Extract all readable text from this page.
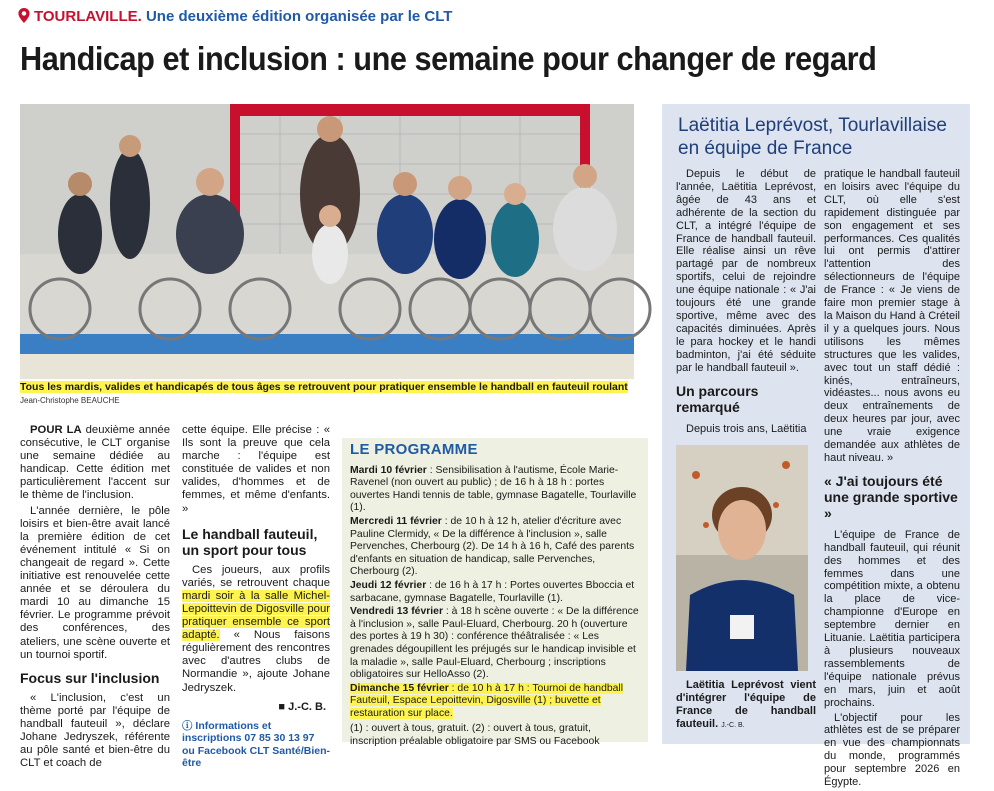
TOURLAVILLE. Une deuxième édition organisée par le CLT
Handicap et inclusion : une semaine pour changer de regard
Tous les mardis, valides et handicapés de tous âges se retrouvent pour pratiquer ensemble le handball en fauteuil roulant Jean-Christophe BEAUCHE

POUR LA deuxième année consécutive, le CLT organise une semaine dédiée au handicap. Cette édition met particulièrement l'accent sur le thème de l'inclusion.

L'année dernière, le pôle loisirs et bien-être avait lancé la première édition de cet événement intitulé « Si on changeait de regard ». Cette initiative est renouvelée cette année et se déroulera du mardi 10 au dimanche 15 février. Le programme prévoit des conférences, des ateliers, une scène ouverte et un tournoi sportif.

Focus sur l'inclusion

« L'inclusion, c'est un thème porté par l'équipe de handball fauteuil », déclare Johane Jedryszek, référente au pôle santé et bien-être du CLT et coach de

cette équipe. Elle précise : « Ils sont la preuve que cela marche : l'équipe est constituée de valides et non valides, d'hommes et de femmes, et même d'enfants. »

Le handball fauteuil, un sport pour tous

Ces joueurs, aux profils variés, se retrouvent chaque mardi soir à la salle Michel-Lepoittevin de Digosville pour pratiquer ensemble ce sport adapté. « Nous faisons régulièrement des rencontres avec d'autres clubs de Normandie », ajoute Johane Jedryszek.

■ J.-C. B.
ⓘ Informations et inscriptions 07 85 30 13 97 ou Facebook CLT Santé/Bien-être
LE PROGRAMME
Mardi 10 février : Sensibilisation à l'autisme, École Marie-Ravenel (non ouvert au public) ; de 16 h à 18 h : portes ouvertes Handi tennis de table, gymnase Bagatelle, Tourlaville (1).
Mercredi 11 février : de 10 h à 12 h, atelier d'écriture avec Pauline Clermidy, « De la différence à l'inclusion », salle Pervenches, Cherbourg (2). De 14 h à 16 h, Café des parents d'enfants en situation de handicap, salle Pervenches, Cherbourg (2).
Jeudi 12 février : de 16 h à 17 h : Portes ouvertes Bboccia et sarbacane, gymnase Bagatelle, Tourlaville (1).
Vendredi 13 février : à 18 h scène ouverte : « De la différence à l'inclusion », salle Paul-Eluard, Cherbourg. 20 h (ouverture des portes à 19 h 30) : conférence théâtralisée : « Les grenades dégoupillent les préjugés sur le handicap invisible et la maladie », salle Paul-Eluard, Cherbourg ; inscriptions obligatoires sur HelloAsso (2).
Dimanche 15 février : de 10 h à 17 h : Tournoi de handball Fauteuil, Espace Lepoittevin, Digosville (1) ; buvette et restauration sur place.
(1) : ouvert à tous, gratuit. (2) : ouvert à tous, gratuit, inscription préalable obligatoire par SMS ou Facebook
Laëtitia Leprévost, Tourlavillaise en équipe de France

Depuis le début de l'année, Laëtitia Leprévost, âgée de 43 ans et adhérente de la section du CLT, a intégré l'équipe de France de handball fauteuil. Elle réalise ainsi un rêve partagé par de nombreux sportifs, celui de rejoindre une équipe nationale : « J'ai toujours été une grande sportive, même avec des capacités diminuées. Après le para hockey et le handi badminton, j'ai été séduite par le handball fauteuil ».

Un parcours remarqué

Depuis trois ans, Laëtitia

Laëtitia Leprévost vient d'intégrer l'équipe de France de handball fauteuil. J.-C. B.

pratique le handball fauteuil en loisirs avec l'équipe du CLT, où elle s'est rapidement distinguée par son engagement et ses performances. Ces qualités lui ont permis d'attirer l'attention des sélectionneurs de l'équipe de France : « Je viens de faire mon premier stage à la Maison du Hand à Créteil il y a quelques jours. Nous utilisons les mêmes structures que les valides, avec tout un staff dédié : kinés, entraîneurs, vidéastes... nous avons eu deux entraînements de deux heures par jour, avec une vraie exigence demandée aux athlètes de haut niveau. »

« J'ai toujours été une grande sportive »

L'équipe de France de handball fauteuil, qui réunit des hommes et des femmes dans une compétition mixte, a obtenu la place de vice-championne d'Europe en septembre dernier en Lituanie. Laëtitia participera à plusieurs nouveaux rassemblements de l'équipe nationale prévus en mars, juin et août prochains.

L'objectif pour les athlètes est de se préparer en vue des championnats du monde, programmés pour septembre 2026 en Égypte.
